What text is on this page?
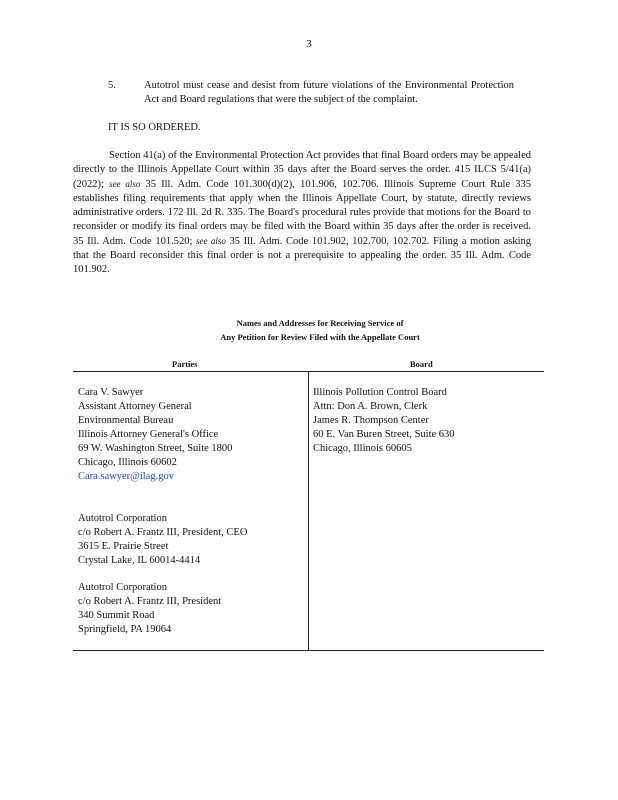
3
5.	Autotrol must cease and desist from future violations of the Environmental Protection Act and Board regulations that were the subject of the complaint.
IT IS SO ORDERED.
Section 41(a) of the Environmental Protection Act provides that final Board orders may be appealed directly to the Illinois Appellate Court within 35 days after the Board serves the order. 415 ILCS 5/41(a) (2022); see also 35 Ill. Adm. Code 101.300(d)(2), 101.906, 102.706. Illinois Supreme Court Rule 335 establishes filing requirements that apply when the Illinois Appellate Court, by statute, directly reviews administrative orders. 172 Ill. 2d R. 335. The Board's procedural rules provide that motions for the Board to reconsider or modify its final orders may be filed with the Board within 35 days after the order is received. 35 Ill. Adm. Code 101.520; see also 35 Ill. Adm. Code 101.902, 102.700, 102.702. Filing a motion asking that the Board reconsider this final order is not a prerequisite to appealing the order. 35 Ill. Adm. Code 101.902.
Names and Addresses for Receiving Service of
Any Petition for Review Filed with the Appellate Court
Parties	Board
Cara V. Sawyer
Assistant Attorney General
Environmental Bureau
Illinois Attorney General's Office
69 W. Washington Street, Suite 1800
Chicago, Illinois 60602
Cara.sawyer@ilag.gov
Autotrol Corporation
c/o Robert A. Frantz III, President, CEO
3615 E. Prairie Street
Crystal Lake, IL 60014-4414
Autotrol Corporation
c/o Robert A. Frantz III, President
340 Summit Road
Springfield, PA 19064
Illinois Pollution Control Board
Attn: Don A. Brown, Clerk
James R. Thompson Center
60 E. Van Buren Street, Suite 630
Chicago, Illinois 60605
